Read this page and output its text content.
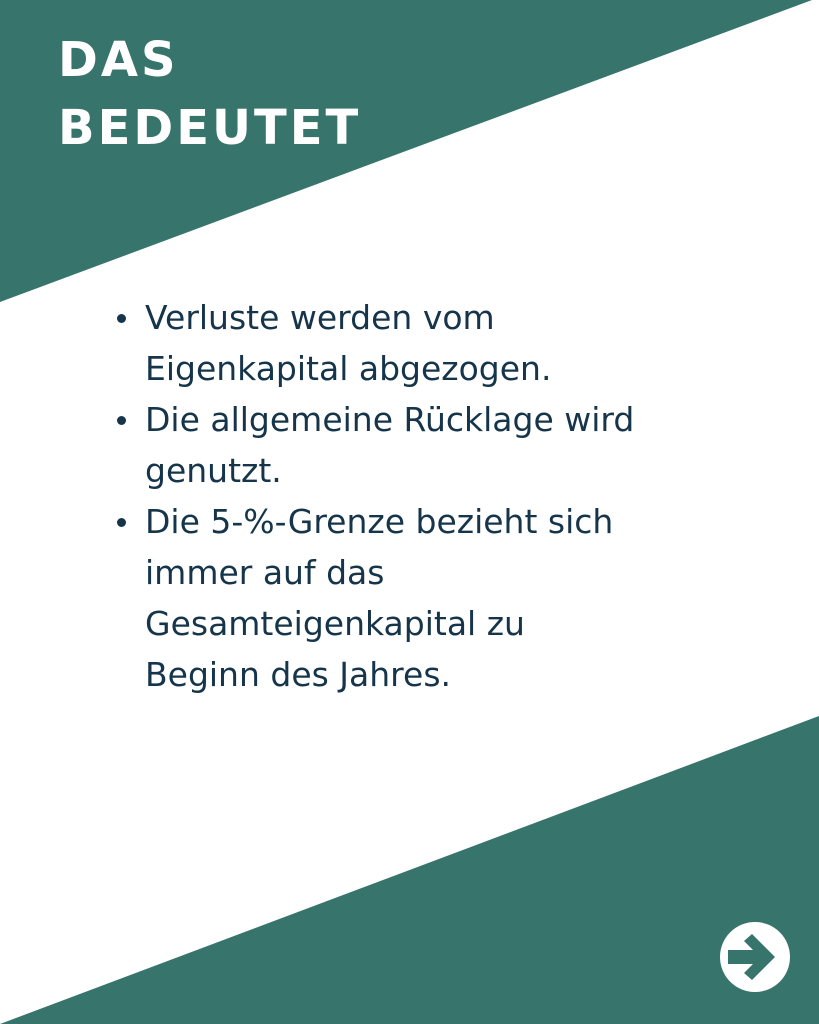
DAS
BEDEUTET
Verluste werden vom Eigenkapital abgezogen.
Die allgemeine Rücklage wird genutzt.
Die 5-%-Grenze bezieht sich immer auf das Gesamteigenkapital zu Beginn des Jahres.
